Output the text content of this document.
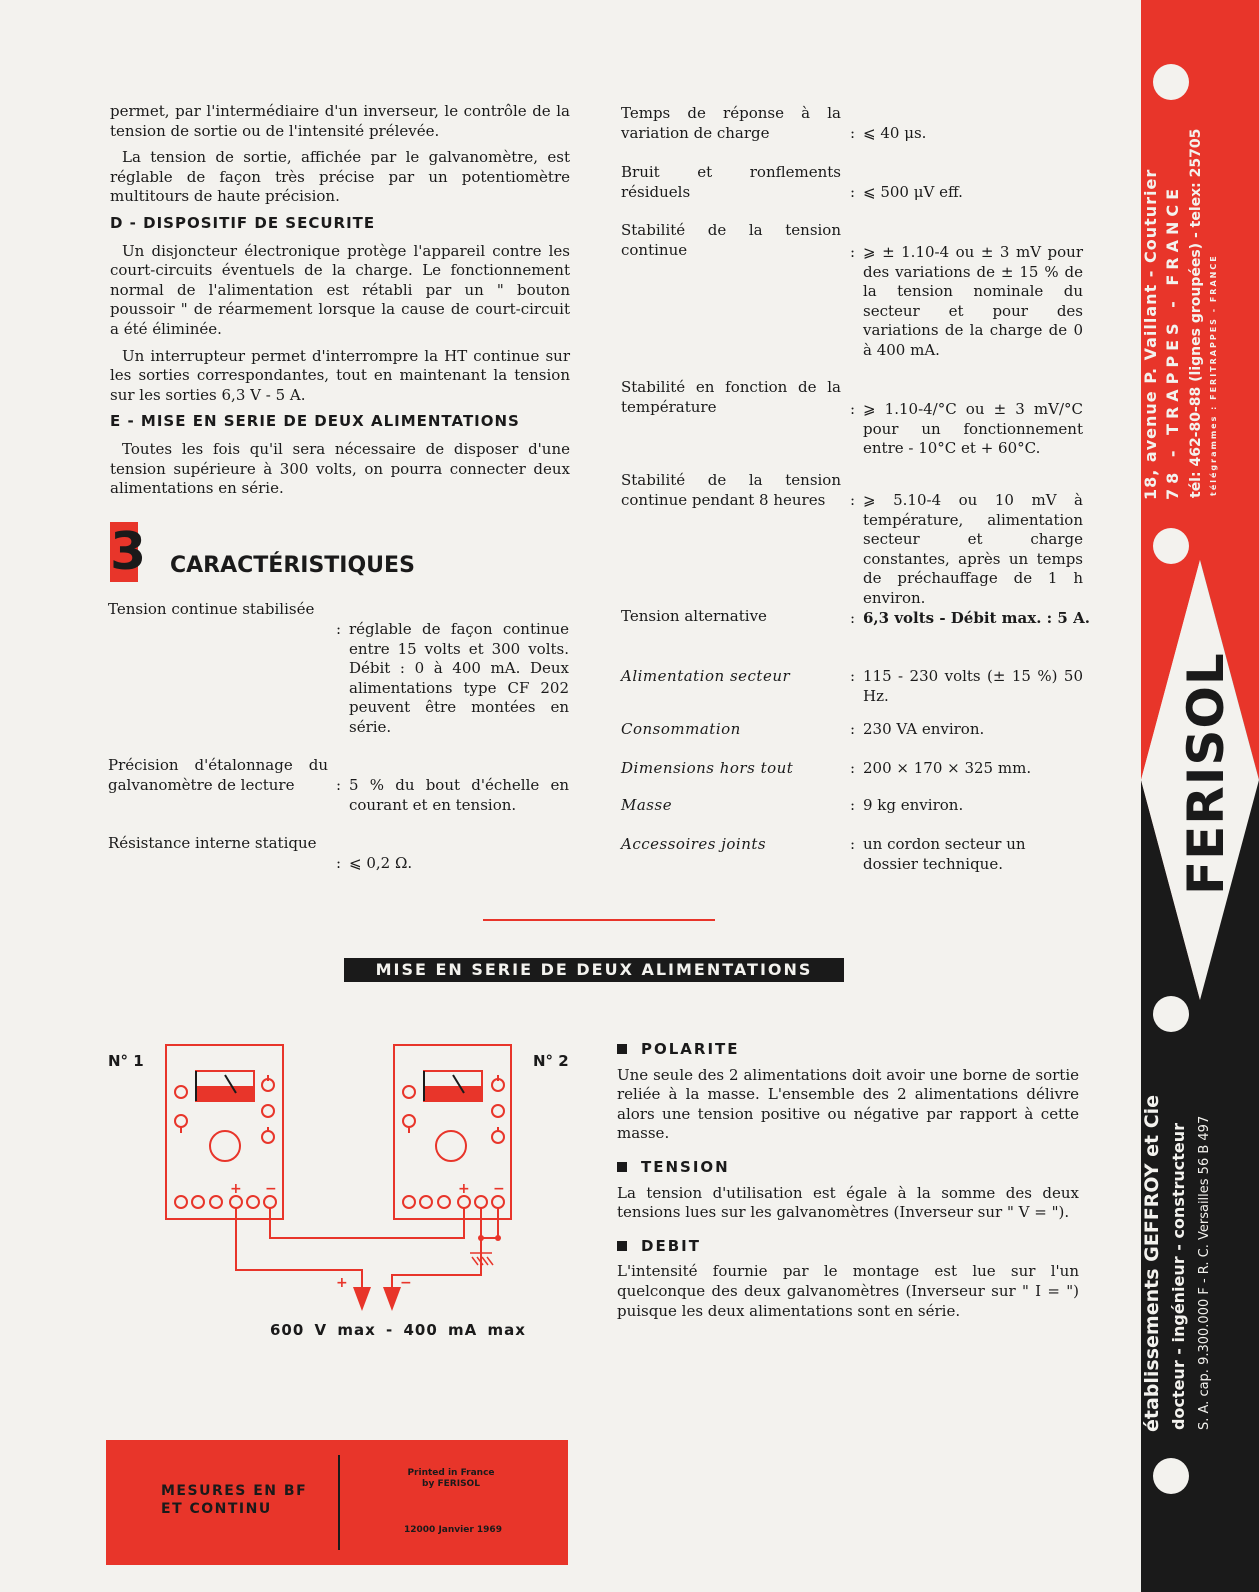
permet, par l'intermédiaire d'un inverseur, le contrôle de la tension de sortie ou de l'intensité prélevée.

La tension de sortie, affichée par le galvanomètre, est réglable de façon très précise par un potentiomètre multitours de haute précision.

D - DISPOSITIF DE SECURITE

Un disjoncteur électronique protège l'appareil contre les court-circuits éventuels de la charge. Le fonctionnement normal de l'alimentation est rétabli par un " bouton poussoir " de réarmement lorsque la cause de court-circuit a été éliminée.

Un interrupteur permet d'interrompre la HT continue sur les sorties correspondantes, tout en maintenant la tension sur les sorties 6,3 V - 5 A.

E - MISE EN SERIE DE DEUX ALIMENTATIONS

Toutes les fois qu'il sera nécessaire de disposer d'une tension supérieure à 300 volts, on pourra connecter deux alimentations en série.

3 CARACTÉRISTIQUES
Tension continue stabilisée
: réglable de façon continue entre 15 volts et 300 volts. Débit : 0 à 400 mA. Deux alimentations type CF 202 peuvent être montées en série.
Précision d'étalonnage du galvanomètre de lecture	: 5 % du bout d'échelle en courant et en tension.
Résistance interne statique
: ⩽ 0,2 Ω.
Temps de réponse à la variation de charge	: ⩽ 40 μs.
Bruit et ronflements résiduels	: ⩽ 500 μV eff.
Stabilité de la tension continue	: ⩾ ± 1.10-4 ou ± 3 mV pour des variations de ± 15 % de la tension nominale du secteur et pour des variations de la charge de 0 à 400 mA.
Stabilité en fonction de la température	: ⩾ 1.10-4/°C ou ± 3 mV/°C pour un fonctionnement entre - 10°C et + 60°C.
Stabilité de la tension continue pendant 8 heures	: ⩾ 5.10-4 ou 10 mV à température, alimentation secteur et charge constantes, après un temps de préchauffage de 1 h environ.
Tension alternative	: 6,3 volts - Débit max. : 5 A.
Alimentation secteur	: 115 - 230 volts (± 15 %) 50 Hz.
Consommation	: 230 VA environ.
Dimensions hors tout	: 200 × 170 × 325 mm.
Masse	: 9 kg environ.
Accessoires joints	: un cordon secteur un dossier technique.
MISE EN SERIE DE DEUX ALIMENTATIONS
N° 1	N° 2
+ −	+ −
+	−
600 V max - 400 mA max
POLARITE

Une seule des 2 alimentations doit avoir une borne de sortie reliée à la masse. L'ensemble des 2 alimentations délivre alors une tension positive ou négative par rapport à cette masse.

TENSION

La tension d'utilisation est égale à la somme des deux tensions lues sur les galvanomètres (Inverseur sur " V = ").

DEBIT

L'intensité fournie par le montage est lue sur l'un quelconque des deux galvanomètres (Inverseur sur " I = ") puisque les deux alimentations sont en série.

MESURES EN BF
ET CONTINU
Printed in France
by FERISOL
12000 Janvier 1969
FERISOL
18, avenue P. Vaillant - Couturier 78 - TRAPPES - FRANCE tél: 462-80-88 (lignes groupées) - telex: 25705 télégrammes : FERITRAPPES - FRANCE
établissements GEFFROY et Cie docteur - ingénieur - constructeur S. A. cap. 9.300.000 F - R. C. Versailles 56 B 497
